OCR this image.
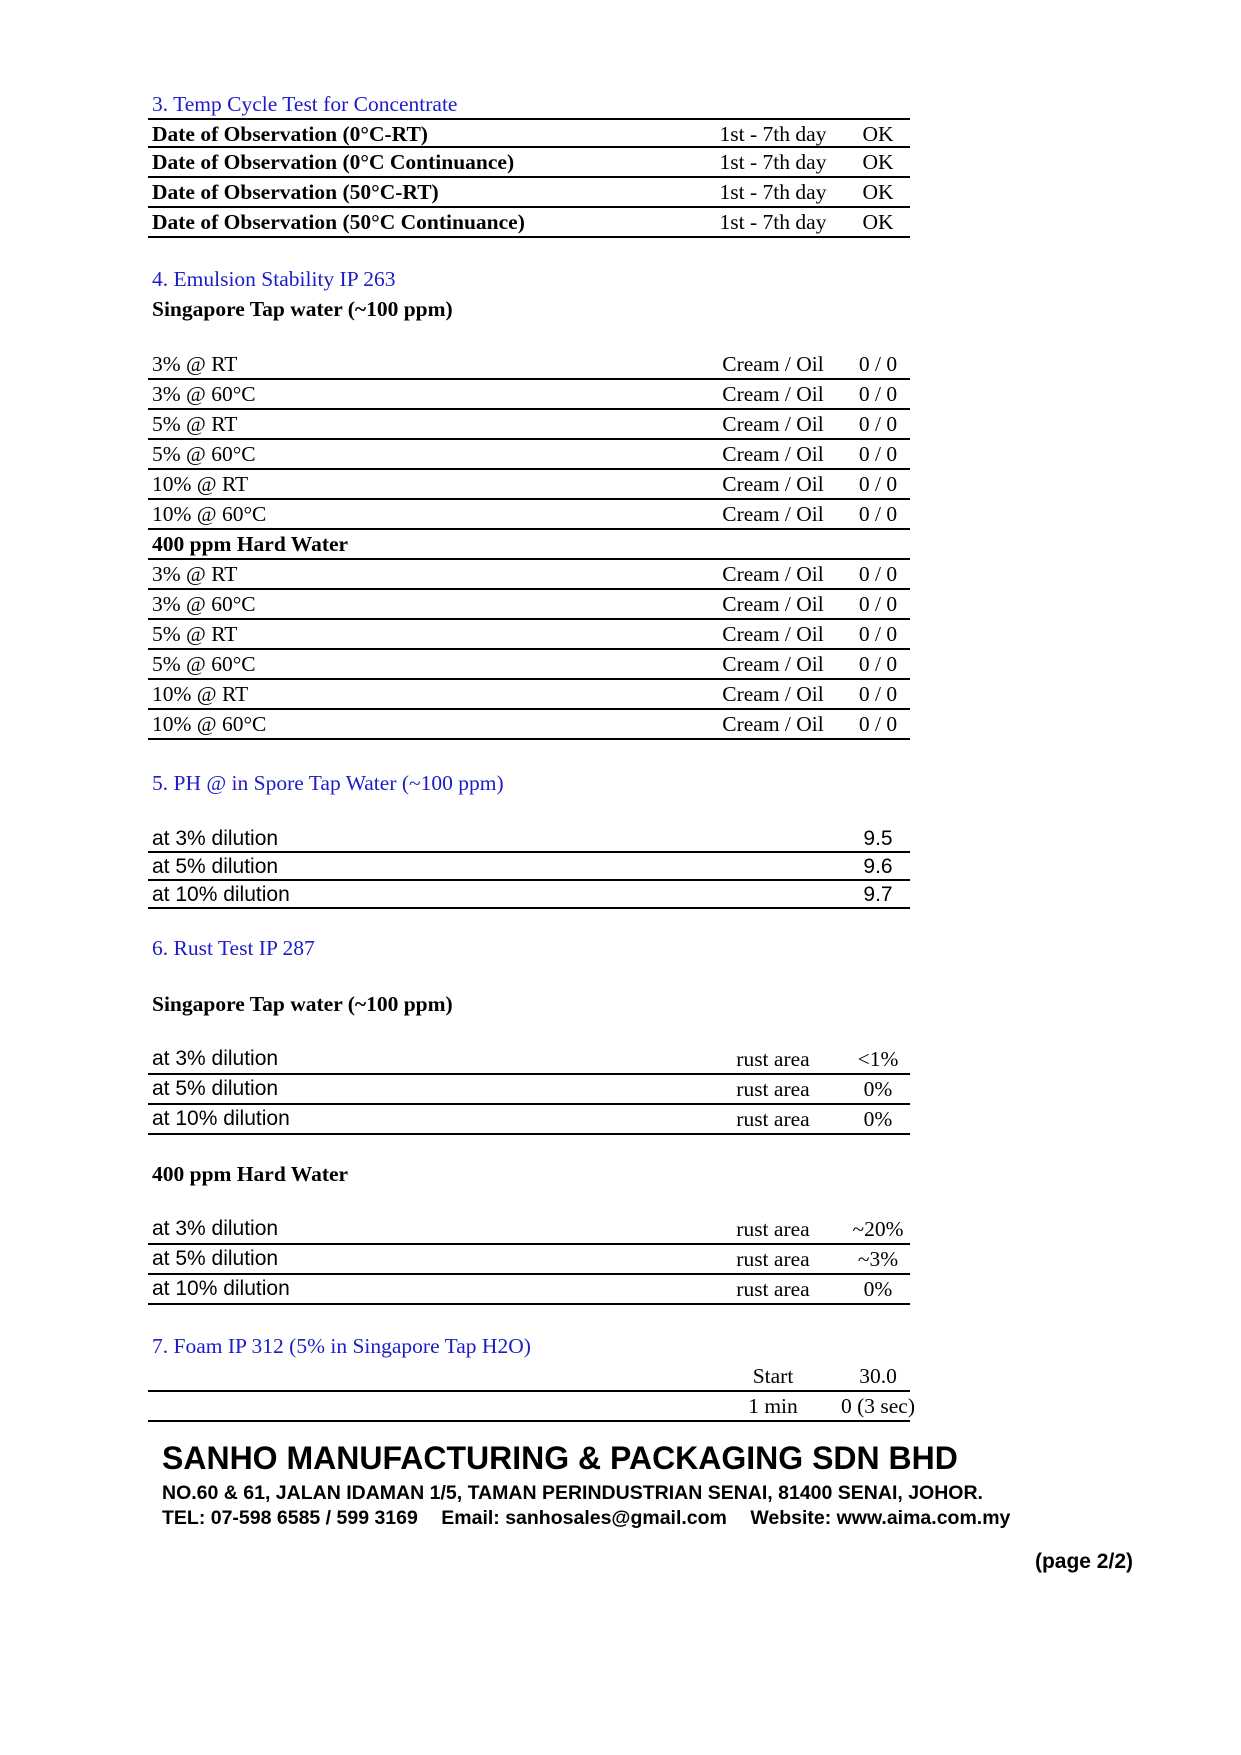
3. Temp Cycle Test for Concentrate
Date of Observation (0°C-RT)	1st - 7th day	OK
Date of Observation (0°C Continuance)	1st - 7th day	OK
Date of Observation (50°C-RT)	1st - 7th day	OK
Date of Observation (50°C Continuance)	1st - 7th day	OK
4. Emulsion Stability IP 263
Singapore Tap water (~100 ppm)
3% @ RT	Cream / Oil	0 / 0
3% @ 60°C	Cream / Oil	0 / 0
5% @ RT	Cream / Oil	0 / 0
5% @ 60°C	Cream / Oil	0 / 0
10% @ RT	Cream / Oil	0 / 0
10% @ 60°C	Cream / Oil	0 / 0
400 ppm Hard Water
3% @ RT	Cream / Oil	0 / 0
3% @ 60°C	Cream / Oil	0 / 0
5% @ RT	Cream / Oil	0 / 0
5% @ 60°C	Cream / Oil	0 / 0
10% @ RT	Cream / Oil	0 / 0
10% @ 60°C	Cream / Oil	0 / 0
5. PH @ in Spore Tap Water (~100 ppm)
at 3% dilution	9.5
at 5% dilution	9.6
at 10% dilution	9.7
6. Rust Test IP 287
Singapore Tap water (~100 ppm)
at 3% dilution	rust area	<1%
at 5% dilution	rust area	0%
at 10% dilution	rust area	0%
400 ppm Hard Water
at 3% dilution	rust area	~20%
at 5% dilution	rust area	~3%
at 10% dilution	rust area	0%
7. Foam IP 312 (5% in Singapore Tap H2O)
Start	30.0
1 min	0 (3 sec)
SANHO MANUFACTURING & PACKAGING SDN BHD
NO.60 & 61, JALAN IDAMAN 1/5, TAMAN PERINDUSTRIAN SENAI, 81400 SENAI, JOHOR.
TEL: 07-598 6585 / 599 3169 Email: sanhosales@gmail.com Website: www.aima.com.my
(page 2/2)
